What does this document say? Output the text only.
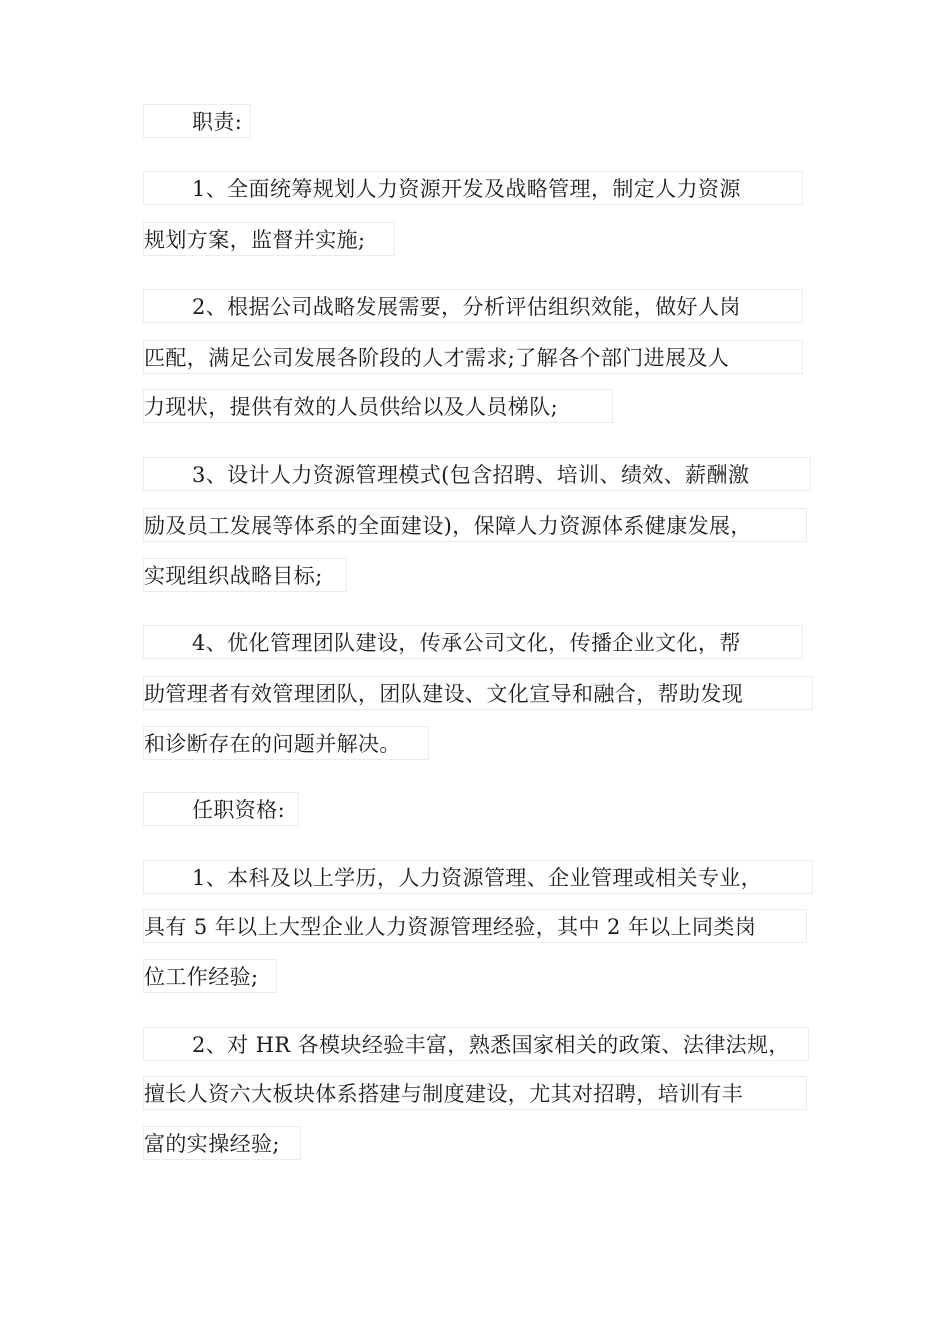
职责:
1、全面统筹规划人力资源开发及战略管理，制定人力资源
规划方案，监督并实施;
2、根据公司战略发展需要，分析评估组织效能，做好人岗
匹配，满足公司发展各阶段的人才需求;了解各个部门进展及人
力现状，提供有效的人员供给以及人员梯队;
3、设计人力资源管理模式(包含招聘、培训、绩效、薪酬激
励及员工发展等体系的全面建设)，保障人力资源体系健康发展，
实现组织战略目标;
4、优化管理团队建设，传承公司文化，传播企业文化，帮
助管理者有效管理团队，团队建设、文化宣导和融合，帮助发现
和诊断存在的问题并解决。
任职资格:
1、本科及以上学历，人力资源管理、企业管理或相关专业，
具有 5 年以上大型企业人力资源管理经验，其中 2 年以上同类岗
位工作经验;
2、对 HR 各模块经验丰富，熟悉国家相关的政策、法律法规，
擅长人资六大板块体系搭建与制度建设，尤其对招聘，培训有丰
富的实操经验;
